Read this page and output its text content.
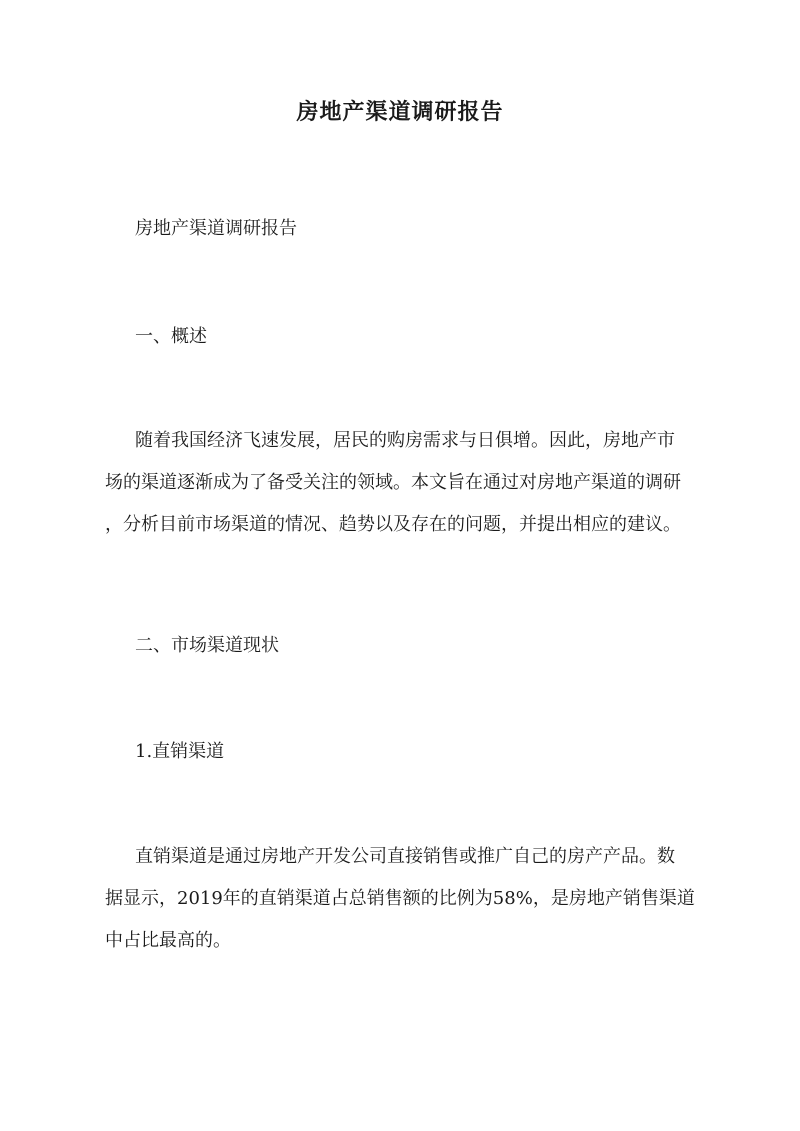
房地产渠道调研报告
房地产渠道调研报告
一、概述

随着我国经济飞速发展，居民的购房需求与日俱增。因此，房地产市

场的渠道逐渐成为了备受关注的领域。本文旨在通过对房地产渠道的调研

，分析目前市场渠道的情况、趋势以及存在的问题，并提出相应的建议。

二、市场渠道现状
1.直销渠道

直销渠道是通过房地产开发公司直接销售或推广自己的房产产品。数

据显示，2019年的直销渠道占总销售额的比例为58%，是房地产销售渠道

中占比最高的。
